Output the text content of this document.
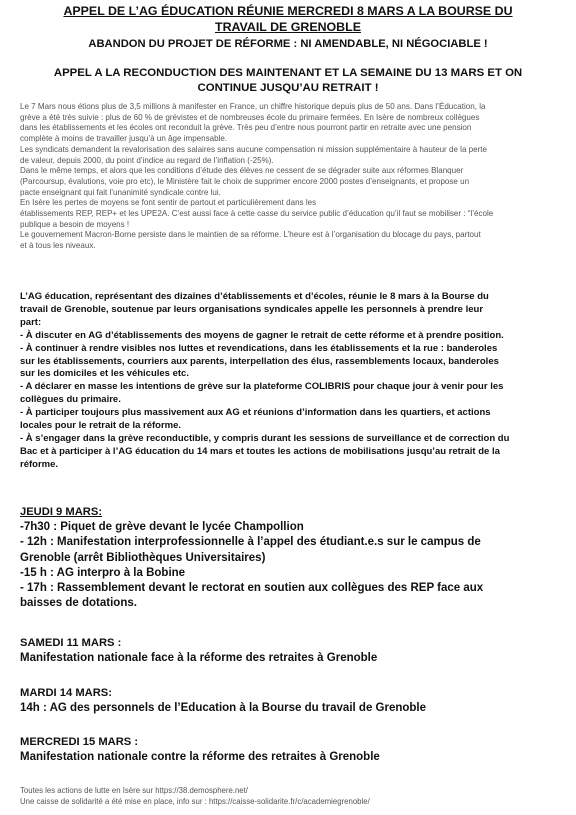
APPEL DE L’AG ÉDUCATION RÉUNIE MERCREDI 8 MARS A LA BOURSE DU
TRAVAIL DE GRENOBLE
ABANDON DU PROJET DE RÉFORME : NI AMENDABLE, NI NÉGOCIABLE !
APPEL A LA RECONDUCTION DES MAINTENANT ET LA SEMAINE DU 13 MARS ET ON
CONTINUE JUSQU’AU RETRAIT !

Le 7 Mars nous étions plus de 3,5 millions à manifester en France, un chiffre historique depuis plus de 50 ans. Dans l’Éducation, la

grève a été très suivie : plus de 60 % de grévistes et de nombreuses école du primaire fermées. En Isère de nombreux collègues

dans les établissements et les écoles ont reconduit la grève. Très peu d’entre nous pourront partir en retraite avec une pension

complète à moins de travailler jusqu’à un âge impensable.

Les syndicats demandent la revalorisation des salaires sans aucune compensation ni mission supplémentaire à hauteur de la perte

de valeur, depuis 2000, du point d’indice au regard de l’inflation (-25%).

Dans le même temps, et alors que les conditions d’étude des élèves ne cessent de se dégrader suite aux réformes Blanquer

(Parcoursup, évalutions, voie pro etc), le Ministère fait le choix de supprimer encore 2000 postes d’enseignants, et propose un

pacte enseignant qui fait l’unanimité syndicale contre lui.

En Isère les pertes de moyens se font sentir de partout et particulièrement dans les

établissements REP, REP+ et les UPE2A. C’est aussi face à cette casse du service public d’éducation qu’il faut se mobiliser : “l’école

publique a besoin de moyens !

Le gouvernement Macron-Borne persiste dans le maintien de sa réforme. L’heure est à l’organisation du blocage du pays, partout

et à tous les niveaux.

L’AG éducation, représentant des dizaines d’établissements et d’écoles, réunie le 8 mars à la Bourse du

travail de Grenoble, soutenue par leurs organisations syndicales appelle les personnels à prendre leur

part:

- À discuter en AG d’établissements des moyens de gagner le retrait de cette réforme et à prendre position.

- À continuer à rendre visibles nos luttes et revendications, dans les établissements et la rue : banderoles

sur les établissements, courriers aux parents, interpellation des élus, rassemblements locaux, banderoles

sur les domiciles et les véhicules etc.

- A déclarer en masse les intentions de grève sur la plateforme COLIBRIS pour chaque jour à venir pour les

collègues du primaire.

- À participer toujours plus massivement aux AG et réunions d’information dans les quartiers, et actions

locales pour le retrait de la réforme.

- À s’engager dans la grève reconductible, y compris durant les sessions de surveillance et de correction du

Bac et à participer à l’AG éducation du 14 mars et toutes les actions de mobilisations jusqu’au retrait de la

réforme.

JEUDI 9 MARS:

-7h30 : Piquet de grève devant le lycée Champollion

- 12h : Manifestation interprofessionnelle à l’appel des étudiant.e.s sur le campus de

Grenoble (arrêt Bibliothèques Universitaires)

-15 h : AG interpro à la Bobine

- 17h : Rassemblement devant le rectorat en soutien aux collègues des REP face aux

baisses de dotations.

SAMEDI 11 MARS :

Manifestation nationale face à la réforme des retraites à Grenoble

MARDI 14 MARS:

14h : AG des personnels de l’Education à la Bourse du travail de Grenoble

MERCREDI 15 MARS :

Manifestation nationale contre la réforme des retraites à Grenoble

Toutes les actions de lutte en Isère sur https://38.demosphere.net/

Une caisse de solidarité a été mise en place, info sur : https://caisse-solidarite.fr/c/academiegrenoble/
